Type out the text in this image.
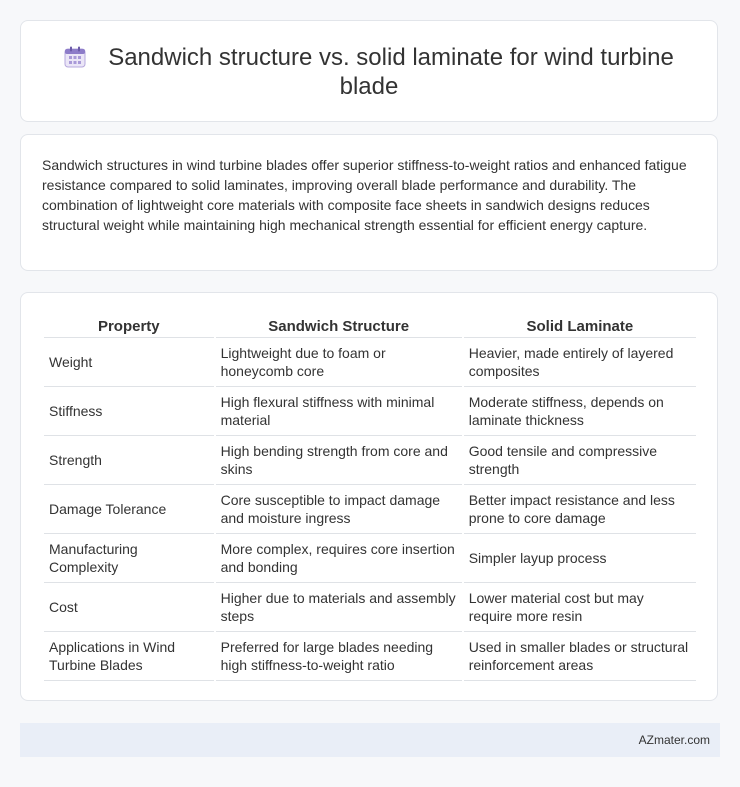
Sandwich structure vs. solid laminate for wind turbine blade

Sandwich structures in wind turbine blades offer superior stiffness-to-weight ratios and enhanced fatigue resistance compared to solid laminates, improving overall blade performance and durability. The combination of lightweight core materials with composite face sheets in sandwich designs reduces structural weight while maintaining high mechanical strength essential for efficient energy capture.

Property	Sandwich Structure	Solid Laminate
Weight	Lightweight due to foam or honeycomb core	Heavier, made entirely of layered composites
Stiffness	High flexural stiffness with minimal material	Moderate stiffness, depends on laminate thickness
Strength	High bending strength from core and skins	Good tensile and compressive strength
Damage Tolerance	Core susceptible to impact damage and moisture ingress	Better impact resistance and less prone to core damage
Manufacturing Complexity	More complex, requires core insertion and bonding	Simpler layup process
Cost	Higher due to materials and assembly steps	Lower material cost but may require more resin
Applications in Wind Turbine Blades	Preferred for large blades needing high stiffness-to-weight ratio	Used in smaller blades or structural reinforcement areas
AZmater.com
